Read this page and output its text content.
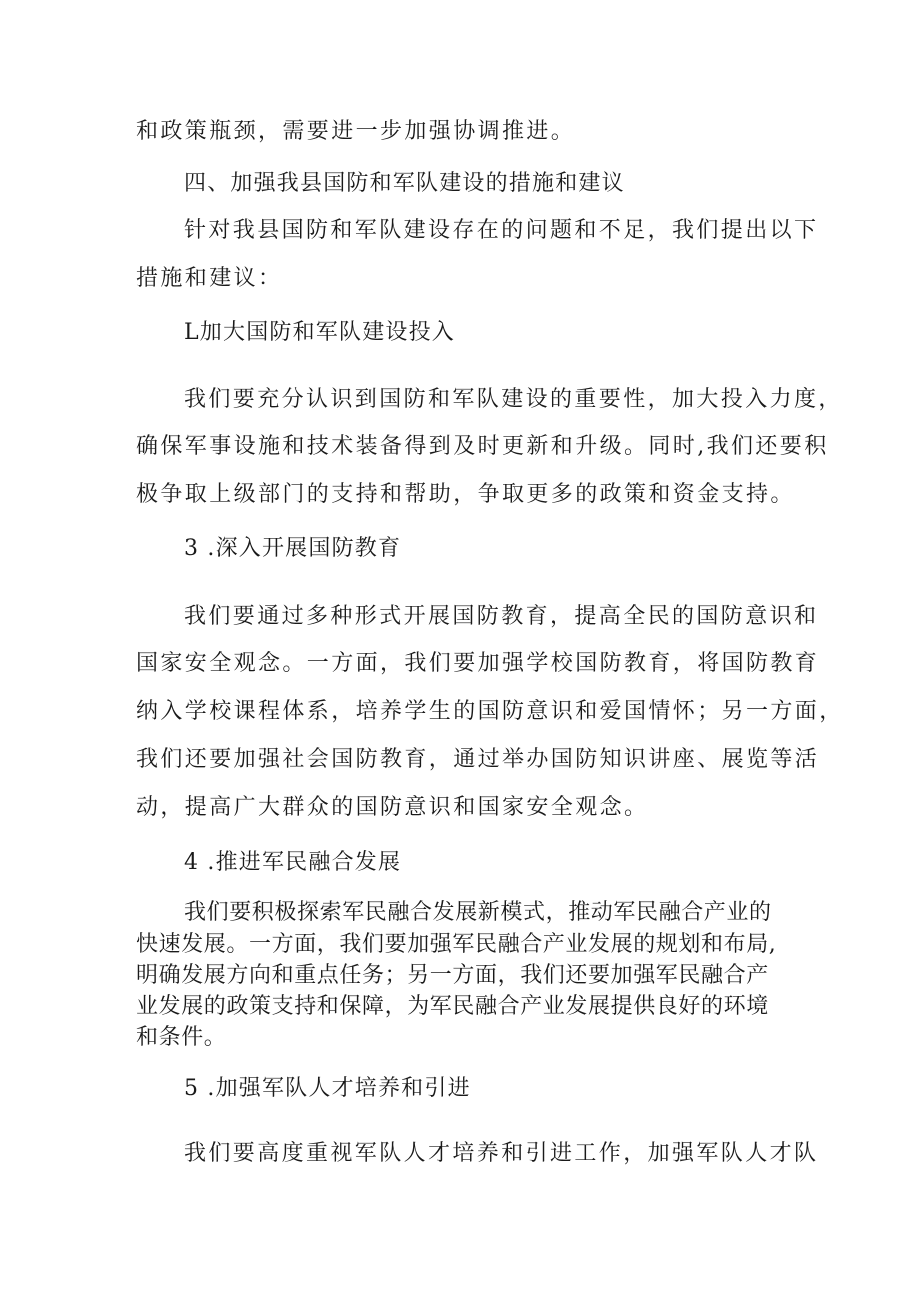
和政策瓶颈，需要进一步加强协调推进。
四、加强我县国防和军队建设的措施和建议
针对我县国防和军队建设存在的问题和不足，我们提出以下
措施和建议：
L加大国防和军队建设投入
我们要充分认识到国防和军队建设的重要性，加大投入力度，
确保军事设施和技术装备得到及时更新和升级。同时,我们还要积
极争取上级部门的支持和帮助，争取更多的政策和资金支持。
3 .深入开展国防教育
我们要通过多种形式开展国防教育，提高全民的国防意识和
国家安全观念。一方面，我们要加强学校国防教育，将国防教育
纳入学校课程体系，培养学生的国防意识和爱国情怀；另一方面，
我们还要加强社会国防教育，通过举办国防知识讲座、展览等活
动，提高广大群众的国防意识和国家安全观念。
4 .推进军民融合发展
我们要积极探索军民融合发展新模式，推动军民融合产业的
快速发展。一方面，我们要加强军民融合产业发展的规划和布局,
明确发展方向和重点任务；另一方面，我们还要加强军民融合产
业发展的政策支持和保障，为军民融合产业发展提供良好的环境
和条件。
5 .加强军队人才培养和引进
我们要高度重视军队人才培养和引进工作，加强军队人才队
